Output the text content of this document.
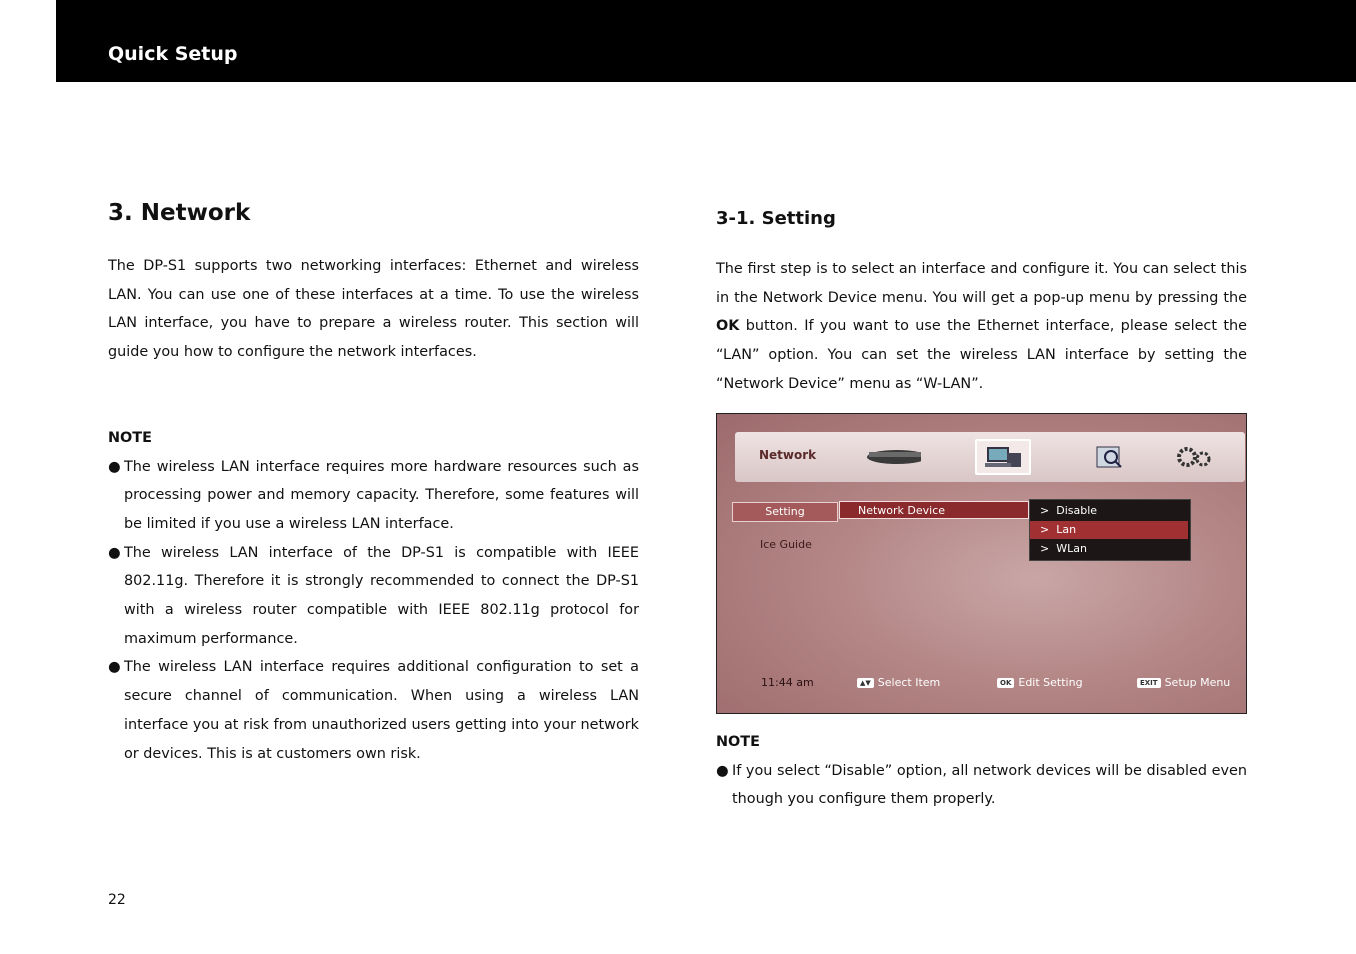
Quick Setup
3. Network

The DP-S1 supports two networking interfaces: Ethernet and wireless LAN. You can use one of these interfaces at a time. To use the wireless LAN interface, you have to prepare a wireless router. This section will guide you how to configure the network interfaces.

NOTE

● The wireless LAN interface requires more hardware resources such as processing power and memory capacity. Therefore, some features will be limited if you use a wireless LAN interface.
● The wireless LAN interface of the DP-S1 is compatible with IEEE 802.11g. Therefore it is strongly recommended to connect the DP-S1 with a wireless router compatible with IEEE 802.11g protocol for maximum performance.
● The wireless LAN interface requires additional configuration to set a secure channel of communication. When using a wireless LAN interface you at risk from unauthorized users getting into your network or devices. This is at customers own risk.
3-1. Setting

The first step is to select an interface and configure it. You can select this in the Network Device menu. You will get a pop-up menu by pressing the OK button. If you want to use the Ethernet interface, please select the “LAN” option. You can set the wireless LAN interface by setting the “Network Device” menu as “W-LAN”.

Network
Setting
Ice Guide
Network Device	> Disable
> Lan
> WLan
11:44 am	▲▼ Select Item	OK Edit Setting	EXIT Setup Menu

NOTE

● If you select “Disable” option, all network devices will be disabled even though you configure them properly.
22
